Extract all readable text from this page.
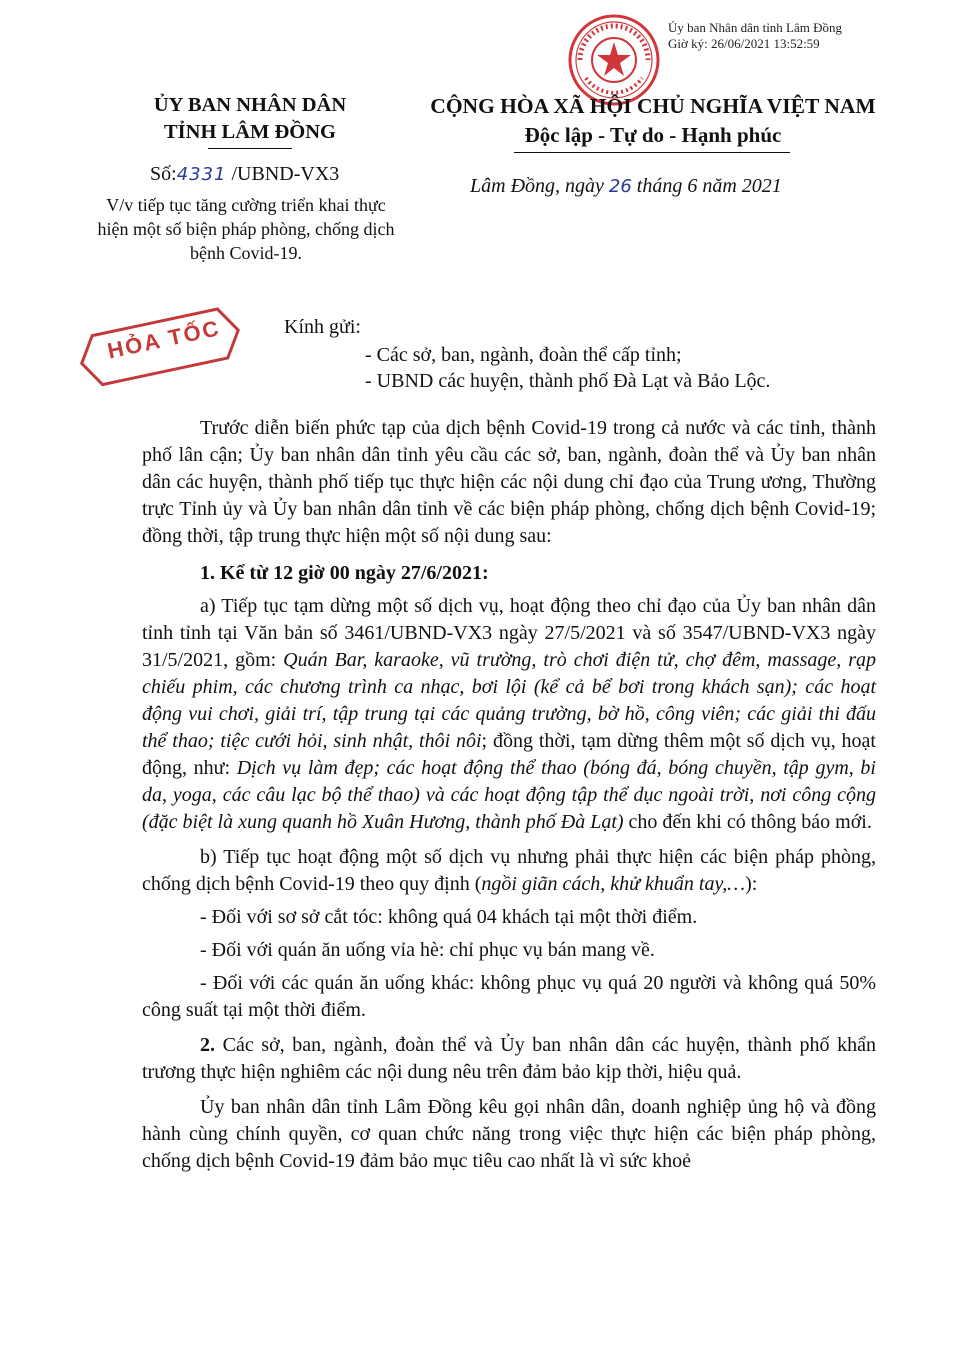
Ủy ban Nhân dân tỉnh Lâm Đồng
Giờ ký: 26/06/2021 13:52:59
ỦY BAN NHÂN DÂN
TỈNH LÂM ĐỒNG
CỘNG HÒA XÃ HỘI CHỦ NGHĨA VIỆT NAM
Độc lập - Tự do - Hạnh phúc
Số:4331 /UBND-VX3
V/v tiếp tục tăng cường triển khai thực hiện một số biện pháp phòng, chống dịch bệnh Covid-19.
Lâm Đồng, ngày 26 tháng 6 năm 2021
HỎA TỐC	Kính gửi:
- Các sở, ban, ngành, đoàn thể cấp tỉnh;
- UBND các huyện, thành phố Đà Lạt và Bảo Lộc.

Trước diễn biến phức tạp của dịch bệnh Covid-19 trong cả nước và các tỉnh, thành phố lân cận; Ủy ban nhân dân tỉnh yêu cầu các sở, ban, ngành, đoàn thể và Ủy ban nhân dân các huyện, thành phố tiếp tục thực hiện các nội dung chỉ đạo của Trung ương, Thường trực Tỉnh ủy và Ủy ban nhân dân tỉnh về các biện pháp phòng, chống dịch bệnh Covid-19; đồng thời, tập trung thực hiện một số nội dung sau:

1. Kể từ 12 giờ 00 ngày 27/6/2021:

a) Tiếp tục tạm dừng một số dịch vụ, hoạt động theo chỉ đạo của Ủy ban nhân dân tỉnh tỉnh tại Văn bản số 3461/UBND-VX3 ngày 27/5/2021 và số 3547/UBND-VX3 ngày 31/5/2021, gồm: Quán Bar, karaoke, vũ trường, trò chơi điện tử, chợ đêm, massage, rạp chiếu phim, các chương trình ca nhạc, bơi lội (kể cả bể bơi trong khách sạn); các hoạt động vui chơi, giải trí, tập trung tại các quảng trường, bờ hồ, công viên; các giải thi đấu thể thao; tiệc cưới hỏi, sinh nhật, thôi nôi; đồng thời, tạm dừng thêm một số dịch vụ, hoạt động, như: Dịch vụ làm đẹp; các hoạt động thể thao (bóng đá, bóng chuyền, tập gym, bi da, yoga, các câu lạc bộ thể thao) và các hoạt động tập thể dục ngoài trời, nơi công cộng (đặc biệt là xung quanh hồ Xuân Hương, thành phố Đà Lạt) cho đến khi có thông báo mới.

b) Tiếp tục hoạt động một số dịch vụ nhưng phải thực hiện các biện pháp phòng, chống dịch bệnh Covid-19 theo quy định (ngồi giãn cách, khử khuẩn tay,…):

- Đối với sơ sở cắt tóc: không quá 04 khách tại một thời điểm.

- Đối với quán ăn uống vỉa hè: chỉ phục vụ bán mang về.

- Đối với các quán ăn uống khác: không phục vụ quá 20 người và không quá 50% công suất tại một thời điểm.

2. Các sở, ban, ngành, đoàn thể và Ủy ban nhân dân các huyện, thành phố khẩn trương thực hiện nghiêm các nội dung nêu trên đảm bảo kịp thời, hiệu quả.

Ủy ban nhân dân tỉnh Lâm Đồng kêu gọi nhân dân, doanh nghiệp ủng hộ và đồng hành cùng chính quyền, cơ quan chức năng trong việc thực hiện các biện pháp phòng, chống dịch bệnh Covid-19 đảm bảo mục tiêu cao nhất là vì sức khoẻ
